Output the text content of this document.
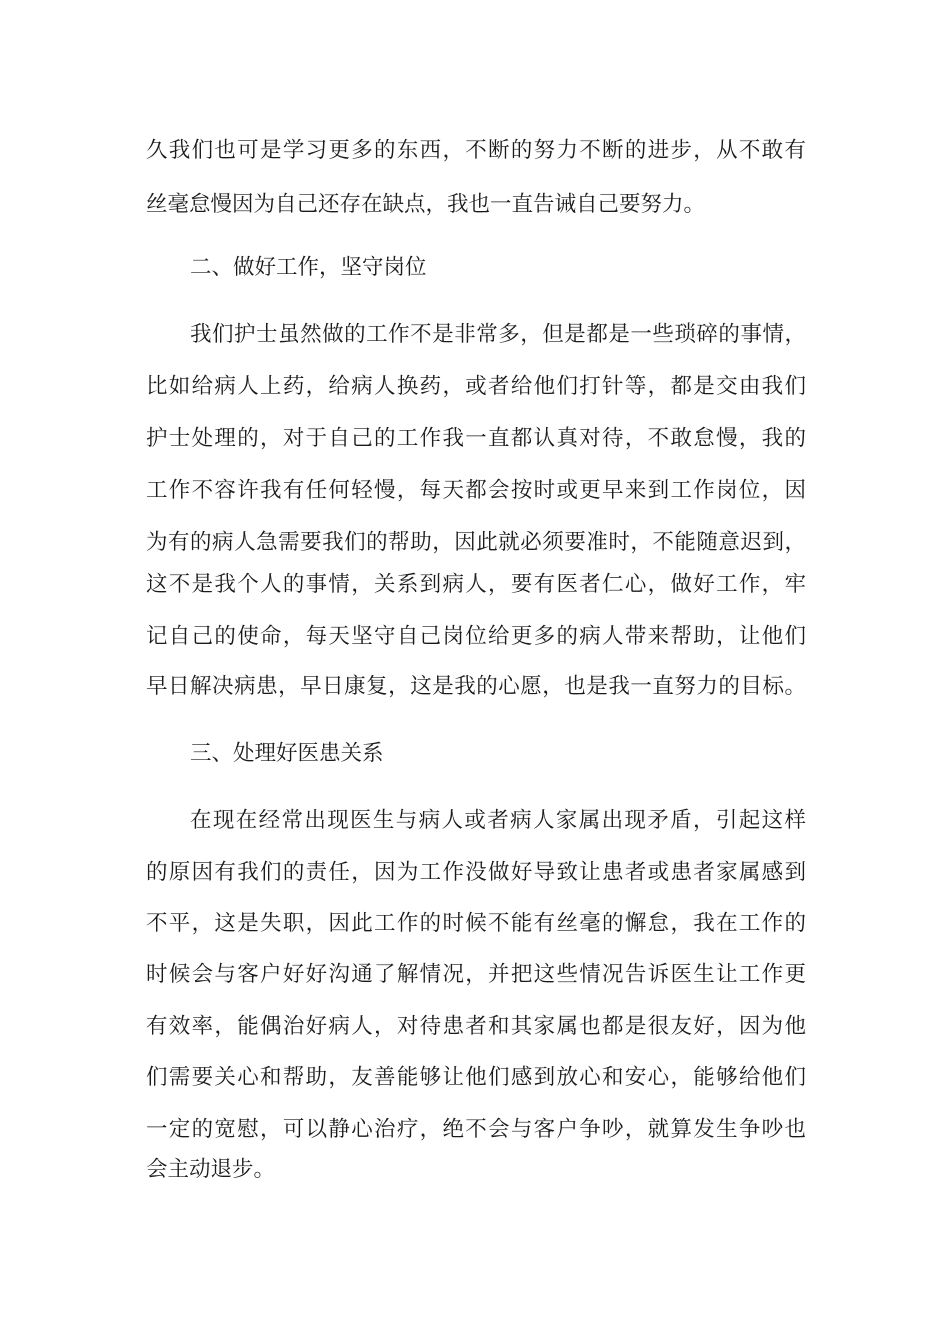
久我们也可是学习更多的东西，不断的努力不断的进步，从不敢有
丝毫怠慢因为自己还存在缺点，我也一直告诫自己要努力。
二、做好工作，坚守岗位
我们护士虽然做的工作不是非常多，但是都是一些琐碎的事情，
比如给病人上药，给病人换药，或者给他们打针等，都是交由我们
护士处理的，对于自己的工作我一直都认真对待，不敢怠慢，我的
工作不容许我有任何轻慢，每天都会按时或更早来到工作岗位，因
为有的病人急需要我们的帮助，因此就必须要准时，不能随意迟到，
这不是我个人的事情，关系到病人，要有医者仁心，做好工作，牢
记自己的使命，每天坚守自己岗位给更多的病人带来帮助，让他们
早日解决病患，早日康复，这是我的心愿，也是我一直努力的目标。
三、处理好医患关系
在现在经常出现医生与病人或者病人家属出现矛盾，引起这样
的原因有我们的责任，因为工作没做好导致让患者或患者家属感到
不平，这是失职，因此工作的时候不能有丝毫的懈怠，我在工作的
时候会与客户好好沟通了解情况，并把这些情况告诉医生让工作更
有效率，能偶治好病人，对待患者和其家属也都是很友好，因为他
们需要关心和帮助，友善能够让他们感到放心和安心，能够给他们
一定的宽慰，可以静心治疗，绝不会与客户争吵，就算发生争吵也
会主动退步。
